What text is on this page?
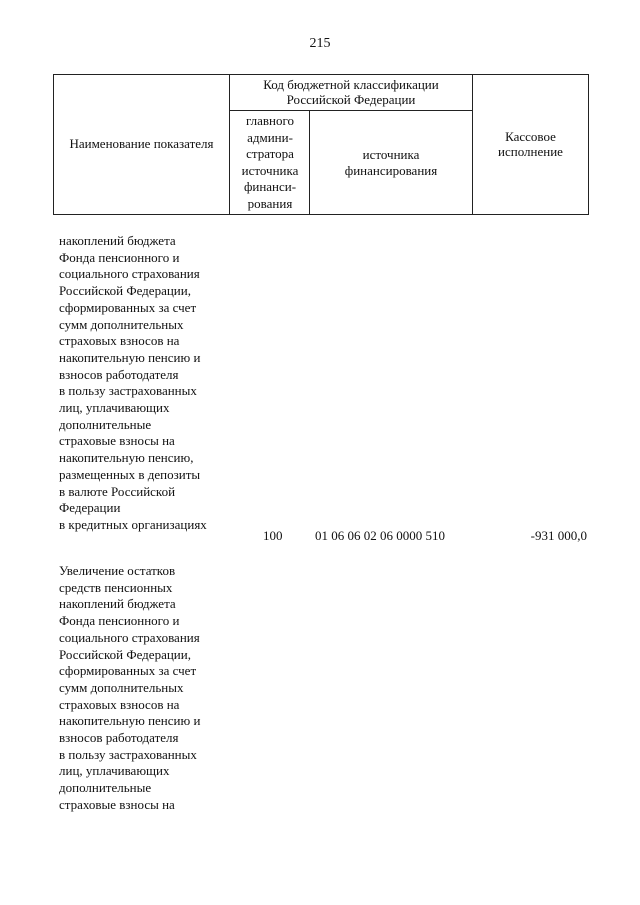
215
Наименование показателя
Код бюджетной классификации Российской Федерации
главного админи-стратора источника финанси-рования
источника финансирования
Кассовое исполнение
накоплений бюджета
Фонда пенсионного и
социального страхования
Российской Федерации,
сформированных за счет
сумм дополнительных
страховых взносов на
накопительную пенсию и
взносов работодателя
в пользу застрахованных
лиц, уплачивающих
дополнительные
страховые взносы на
накопительную пенсию,
размещенных в депозиты
в валюте Российской
Федерации
в кредитных организациях
100	01 06 06 02 06 0000 510	-931 000,0
Увеличение остатков
средств пенсионных
накоплений бюджета
Фонда пенсионного и
социального страхования
Российской Федерации,
сформированных за счет
сумм дополнительных
страховых взносов на
накопительную пенсию и
взносов работодателя
в пользу застрахованных
лиц, уплачивающих
дополнительные
страховые взносы на
